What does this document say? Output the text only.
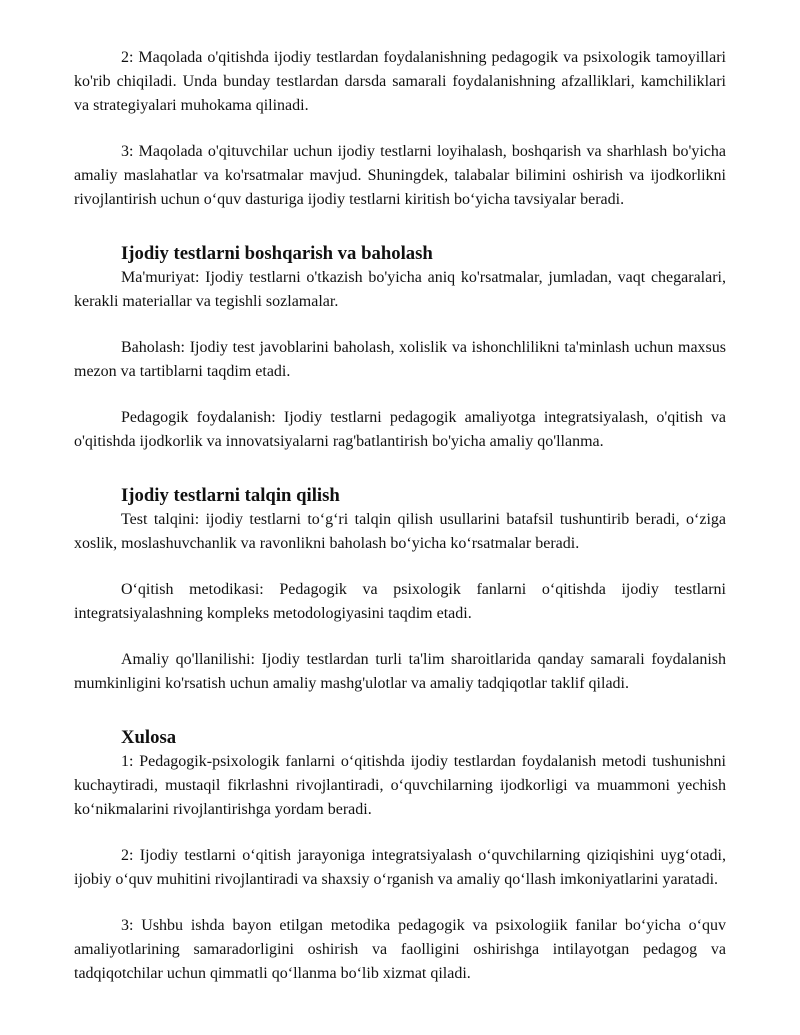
2: Maqolada o'qitishda ijodiy testlardan foydalanishning pedagogik va psixologik tamoyillari ko'rib chiqiladi. Unda bunday testlardan darsda samarali foydalanishning afzalliklari, kamchiliklari va strategiyalari muhokama qilinadi.

3: Maqolada o'qituvchilar uchun ijodiy testlarni loyihalash, boshqarish va sharhlash bo'yicha amaliy maslahatlar va ko'rsatmalar mavjud. Shuningdek, talabalar bilimini oshirish va ijodkorlikni rivojlantirish uchun o‘quv dasturiga ijodiy testlarni kiritish bo‘yicha tavsiyalar beradi.

Ijodiy testlarni boshqarish va baholash

Ma'muriyat: Ijodiy testlarni o'tkazish bo'yicha aniq ko'rsatmalar, jumladan, vaqt chegaralari, kerakli materiallar va tegishli sozlamalar.

Baholash: Ijodiy test javoblarini baholash, xolislik va ishonchlilikni ta'minlash uchun maxsus mezon va tartiblarni taqdim etadi.

Pedagogik foydalanish: Ijodiy testlarni pedagogik amaliyotga integratsiyalash, o'qitish va o'qitishda ijodkorlik va innovatsiyalarni rag'batlantirish bo'yicha amaliy qo'llanma.

Ijodiy testlarni talqin qilish

Test talqini: ijodiy testlarni to‘g‘ri talqin qilish usullarini batafsil tushuntirib beradi, o‘ziga xoslik, moslashuvchanlik va ravonlikni baholash bo‘yicha ko‘rsatmalar beradi.

O‘qitish metodikasi: Pedagogik va psixologik fanlarni o‘qitishda ijodiy testlarni integratsiyalashning kompleks metodologiyasini taqdim etadi.

Amaliy qo'llanilishi: Ijodiy testlardan turli ta'lim sharoitlarida qanday samarali foydalanish mumkinligini ko'rsatish uchun amaliy mashg'ulotlar va amaliy tadqiqotlar taklif qiladi.

Xulosa

1: Pedagogik-psixologik fanlarni o‘qitishda ijodiy testlardan foydalanish metodi tushunishni kuchaytiradi, mustaqil fikrlashni rivojlantiradi, o‘quvchilarning ijodkorligi va muammoni yechish ko‘nikmalarini rivojlantirishga yordam beradi.

2: Ijodiy testlarni o‘qitish jarayoniga integratsiyalash o‘quvchilarning qiziqishini uyg‘otadi, ijobiy o‘quv muhitini rivojlantiradi va shaxsiy o‘rganish va amaliy qo‘llash imkoniyatlarini yaratadi.

3: Ushbu ishda bayon etilgan metodika pedagogik va psixologiik fanilar bo‘yicha o‘quv amaliyotlarining samaradorligini oshirish va faolligini oshirishga intilayotgan pedagog va tadqiqotchilar uchun qimmatli qo‘llanma bo‘lib xizmat qiladi.
